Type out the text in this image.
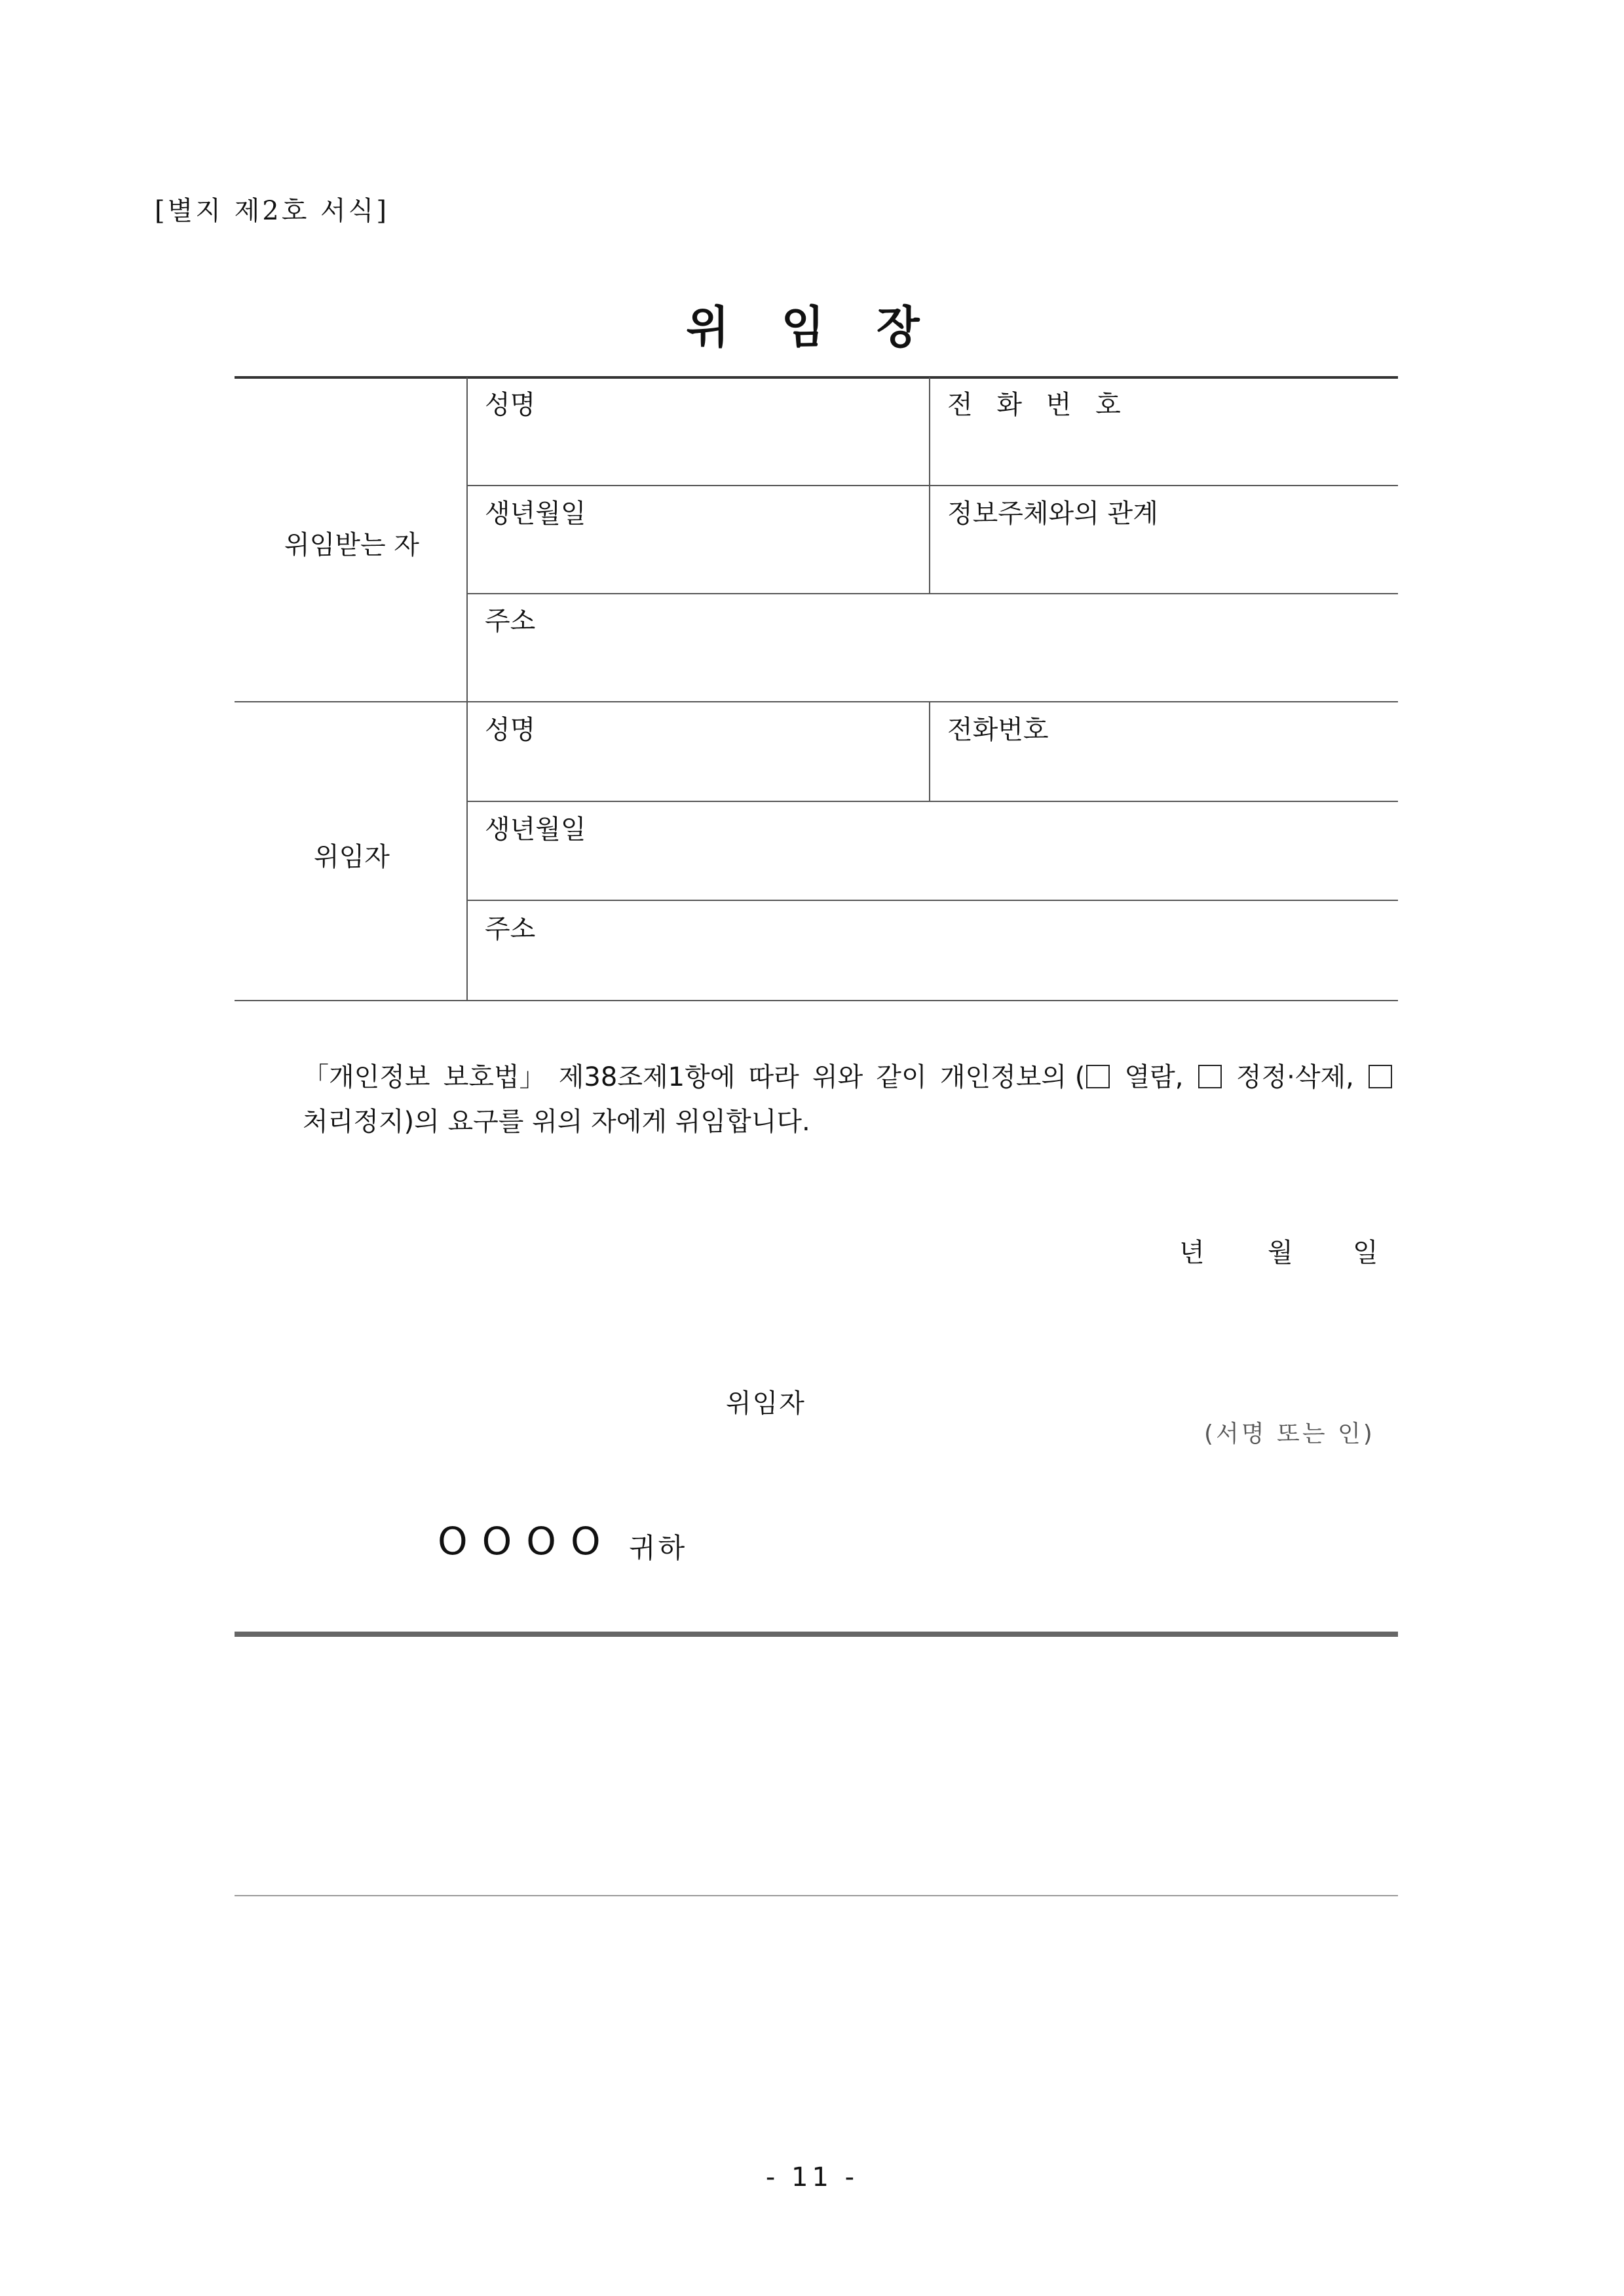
[별지 제2호 서식]
위 임 장
위임받는 자
성명	전 화 번 호
생년월일	정보주체와의 관계
주소
위임자
성명	전화번호
생년월일
주소
「개인정보 보호법」 제38조제1항에 따라 위와 같이 개인정보의 (	열람, 정정·삭제,
처리정지)의 요구를 위의 자에게 위임합니다.
년 월 일
위임자
(서명 또는 인)
OOOO 귀하
- 11 -
